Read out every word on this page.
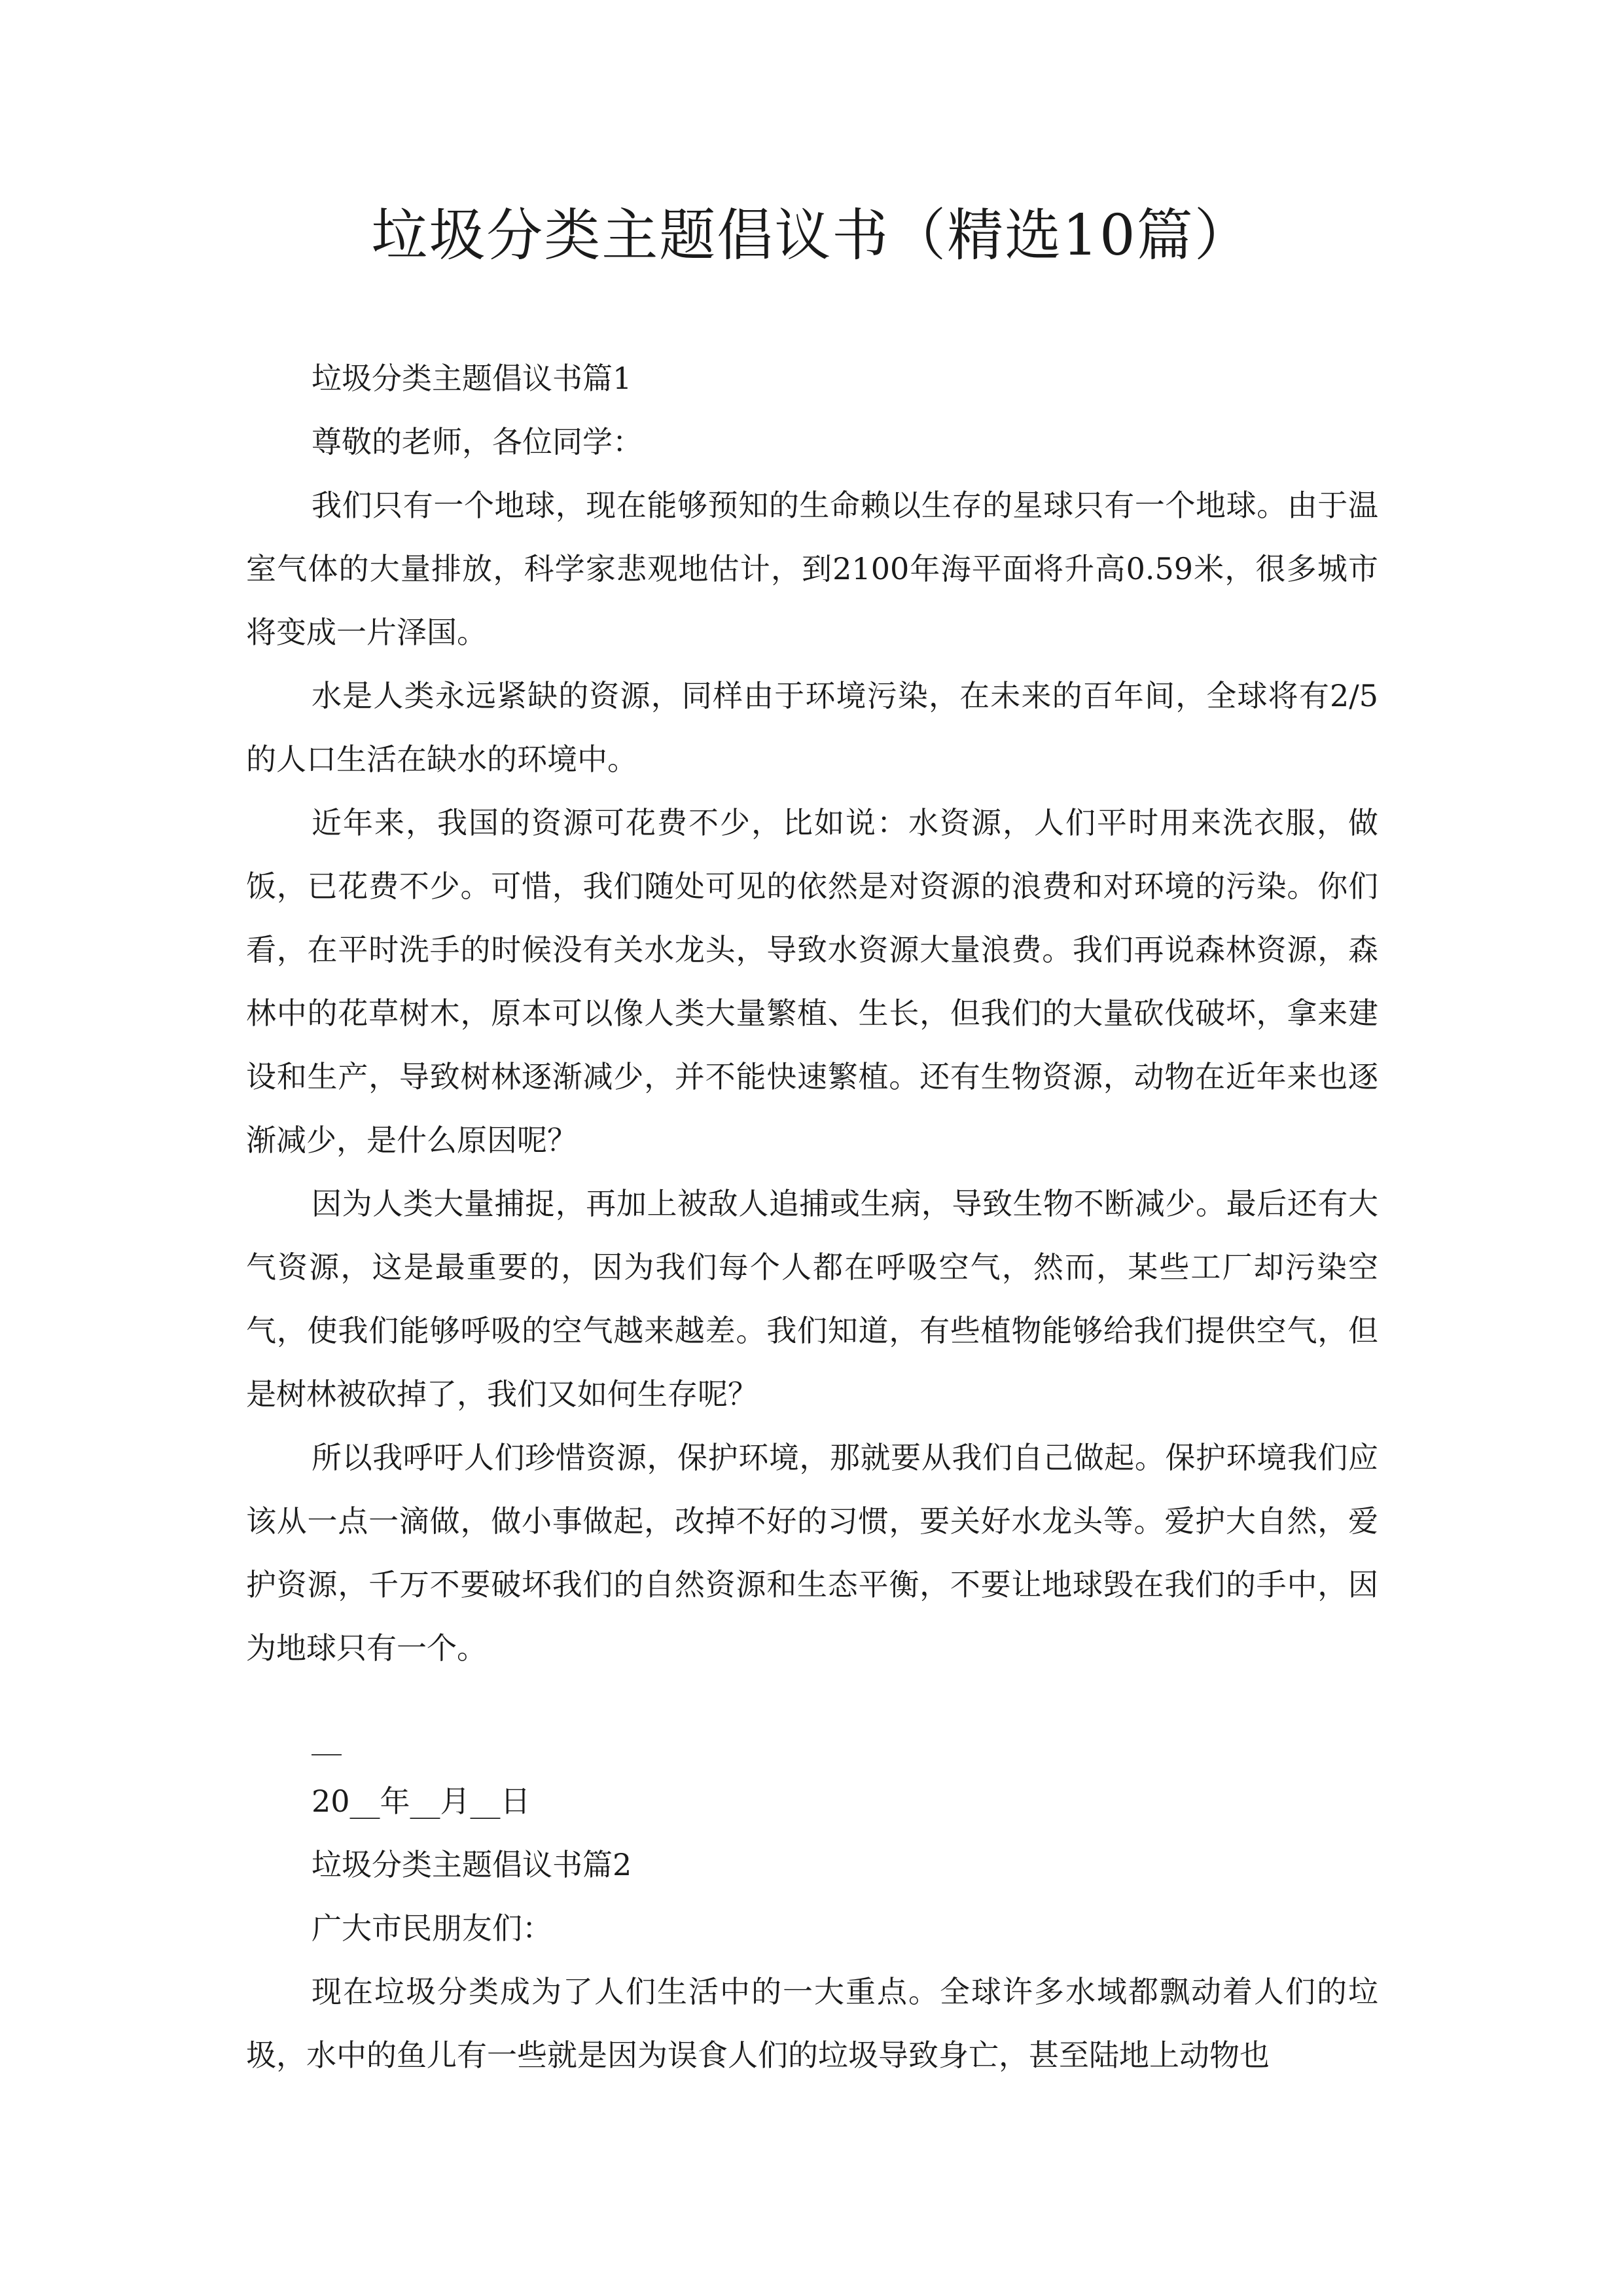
垃圾分类主题倡议书（精选10篇）

垃圾分类主题倡议书篇1

尊敬的老师，各位同学：

我们只有一个地球，现在能够预知的生命赖以生存的星球只有一个地球。由于温室气体的大量排放，科学家悲观地估计，到2100年海平面将升高0.59米，很多城市将变成一片泽国。

水是人类永远紧缺的资源，同样由于环境污染，在未来的百年间，全球将有2/5的人口生活在缺水的环境中。

近年来，我国的资源可花费不少，比如说：水资源，人们平时用来洗衣服，做饭，已花费不少。可惜，我们随处可见的依然是对资源的浪费和对环境的污染。你们看，在平时洗手的时候没有关水龙头，导致水资源大量浪费。我们再说森林资源，森林中的花草树木，原本可以像人类大量繁植、生长，但我们的大量砍伐破坏，拿来建设和生产，导致树林逐渐减少，并不能快速繁植。还有生物资源，动物在近年来也逐渐减少，是什么原因呢？

因为人类大量捕捉，再加上被敌人追捕或生病，导致生物不断减少。最后还有大气资源，这是最重要的，因为我们每个人都在呼吸空气，然而，某些工厂却污染空气，使我们能够呼吸的空气越来越差。我们知道，有些植物能够给我们提供空气，但是树林被砍掉了，我们又如何生存呢？

所以我呼吁人们珍惜资源，保护环境，那就要从我们自己做起。保护环境我们应该从一点一滴做，做小事做起，改掉不好的习惯，要关好水龙头等。爱护大自然，爱护资源，千万不要破坏我们的自然资源和生态平衡，不要让地球毁在我们的手中，因为地球只有一个。

__

20__年__月__日

垃圾分类主题倡议书篇2

广大市民朋友们：

现在垃圾分类成为了人们生活中的一大重点。全球许多水域都飘动着人们的垃圾，水中的鱼儿有一些就是因为误食人们的垃圾导致身亡，甚至陆地上动物也
